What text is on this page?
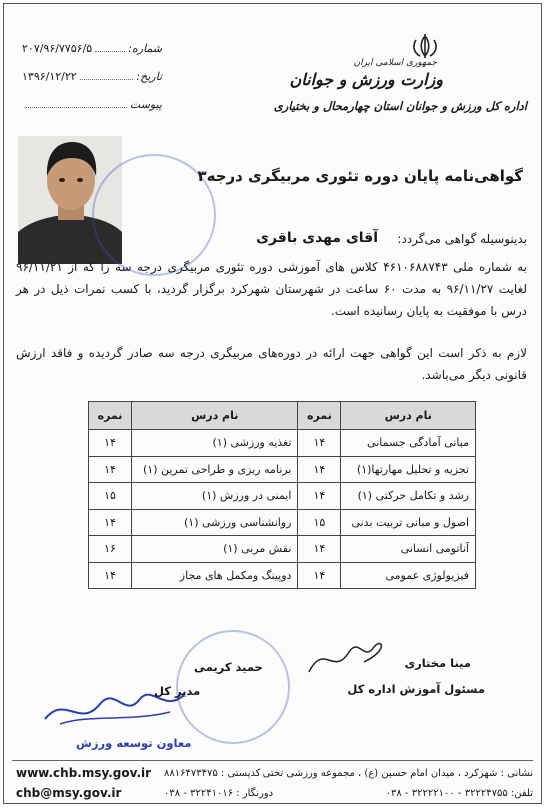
جمهوری اسلامی ایران
وزارت ورزش و جوانان
اداره کل ورزش و جوانان استان چهارمحال و بختیاری
شماره:
۲۰۷/۹۶/۷۷۵۶/۵
تاریخ:
۱۳۹۶/۱۲/۲۲
پیوست
گواهی‌نامه پایان دوره تئوری مربیگری درجه۳
بدینوسیله گواهی می‌گردد:
آقای مهدی باقری
به شماره ملی ۴۶۱۰۶۸۸۷۴۳ کلاس های آموزشی دوره تئوری مربیگری درجه سه را که از ۹۶/۱۱/۲۱ لغایت ۹۶/۱۱/۲۷ به مدت ۶۰ ساعت در شهرستان شهرکرد برگزار گردید، با کسب نمرات ذیل در هر درس با موفقیت به پایان رسانیده است.
لازم به ذکر است این گواهی جهت ارائه در دوره‌های مربیگری درجه سه صادر گردیده و فاقد ارزش قانونی دیگر می‌باشد.
نام درس	نمره	نام درس	نمره
مبانی آمادگی جسمانی	۱۴	تغذیه ورزشی (۱)	۱۴
تجزیه و تحلیل مهارتها(۱)	۱۴	برنامه ریزی و طراحی تمرین (۱)	۱۴
رشد و تکامل حرکتی (۱)	۱۴	ایمنی در ورزش (۱)	۱۵
اصول و مبانی تربیت بدنی	۱۵	روانشناسی ورزشی (۱)	۱۴
آناتومی انسانی	۱۴	نقش مربی (۱)	۱۶
فیزیولوژی عمومی	۱۴	دوپینگ ومکمل های مجاز	۱۴
مینا مختاری
مسئول آموزش اداره کل
حمید کریمی
مدیر کل
معاون توسعه ورزش
نشانی : شهرکرد ، میدان امام حسین (ع) ، مجموعه ورزشی تختی
کدپستی : ۸۸۱۶۴۷۳۴۷۵
تلفن: ۳۲۲۲۴۷۵۵ - ۳۲۲۲۲۱۰۰ - ۰۳۸
دورنگار : ۳۲۲۴۱۰۱۶ - ۰۳۸
www.chb.msy.gov.ir
chb@msy.gov.ir
